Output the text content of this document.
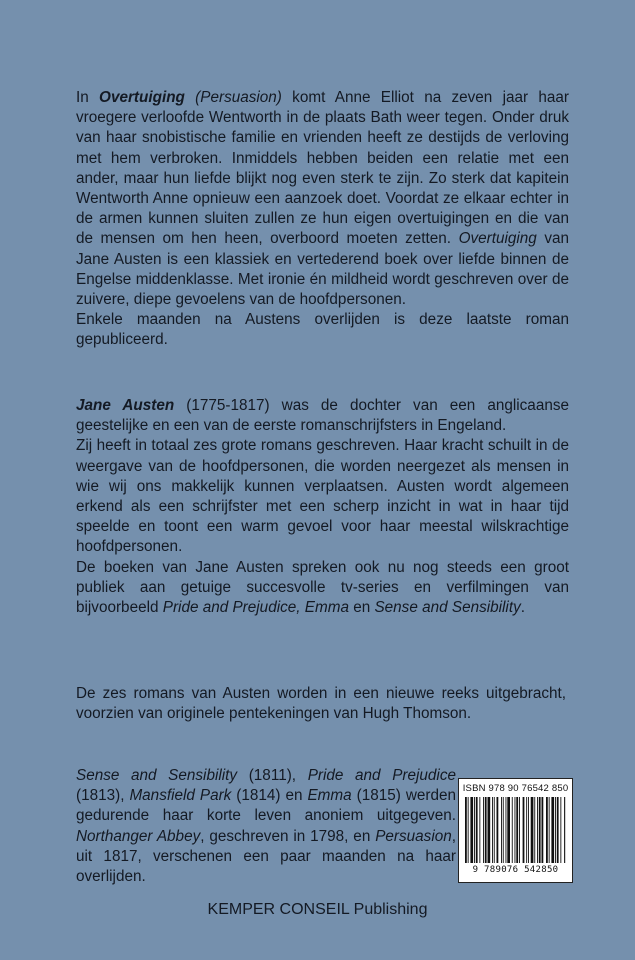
In Overtuiging (Persuasion) komt Anne Elliot na zeven jaar haar vroegere verloofde Wentworth in de plaats Bath weer tegen. Onder druk van haar snobistische familie en vrienden heeft ze destijds de verloving met hem verbroken. Inmiddels hebben beiden een relatie met een ander, maar hun liefde blijkt nog even sterk te zijn. Zo sterk dat kapitein Wentworth Anne opnieuw een aanzoek doet. Voordat ze elkaar echter in de armen kunnen sluiten zullen ze hun eigen overtuigingen en die van de mensen om hen heen, overboord moeten zetten. Overtuiging van Jane Austen is een klassiek en vertederend boek over liefde binnen de Engelse middenklasse. Met ironie én mildheid wordt geschreven over de zuivere, diepe gevoelens van de hoofdpersonen.

Enkele maanden na Austens overlijden is deze laatste roman gepubliceerd.

Jane Austen (1775-1817) was de dochter van een anglicaanse geestelijke en een van de eerste romanschrijfsters in Engeland.

Zij heeft in totaal zes grote romans geschreven. Haar kracht schuilt in de weergave van de hoofdpersonen, die worden neergezet als mensen in wie wij ons makkelijk kunnen verplaatsen. Austen wordt algemeen erkend als een schrijfster met een scherp inzicht in wat in haar tijd speelde en toont een warm gevoel voor haar meestal wilskrachtige hoofdpersonen.

De boeken van Jane Austen spreken ook nu nog steeds een groot publiek aan getuige succesvolle tv-series en verfilmingen van bijvoorbeeld Pride and Prejudice, Emma en Sense and Sensibility.

De zes romans van Austen worden in een nieuwe reeks uitgebracht, voorzien van originele pentekeningen van Hugh Thomson.

Sense and Sensibility (1811), Pride and Prejudice (1813), Mansfield Park (1814) en Emma (1815) werden gedurende haar korte leven anoniem uitgegeven. Northanger Abbey, geschreven in 1798, en Persuasion, uit 1817, verschenen een paar maanden na haar overlijden.

ISBN 978 90 76542 850
9 789076 542850
KEMPER CONSEIL Publishing
